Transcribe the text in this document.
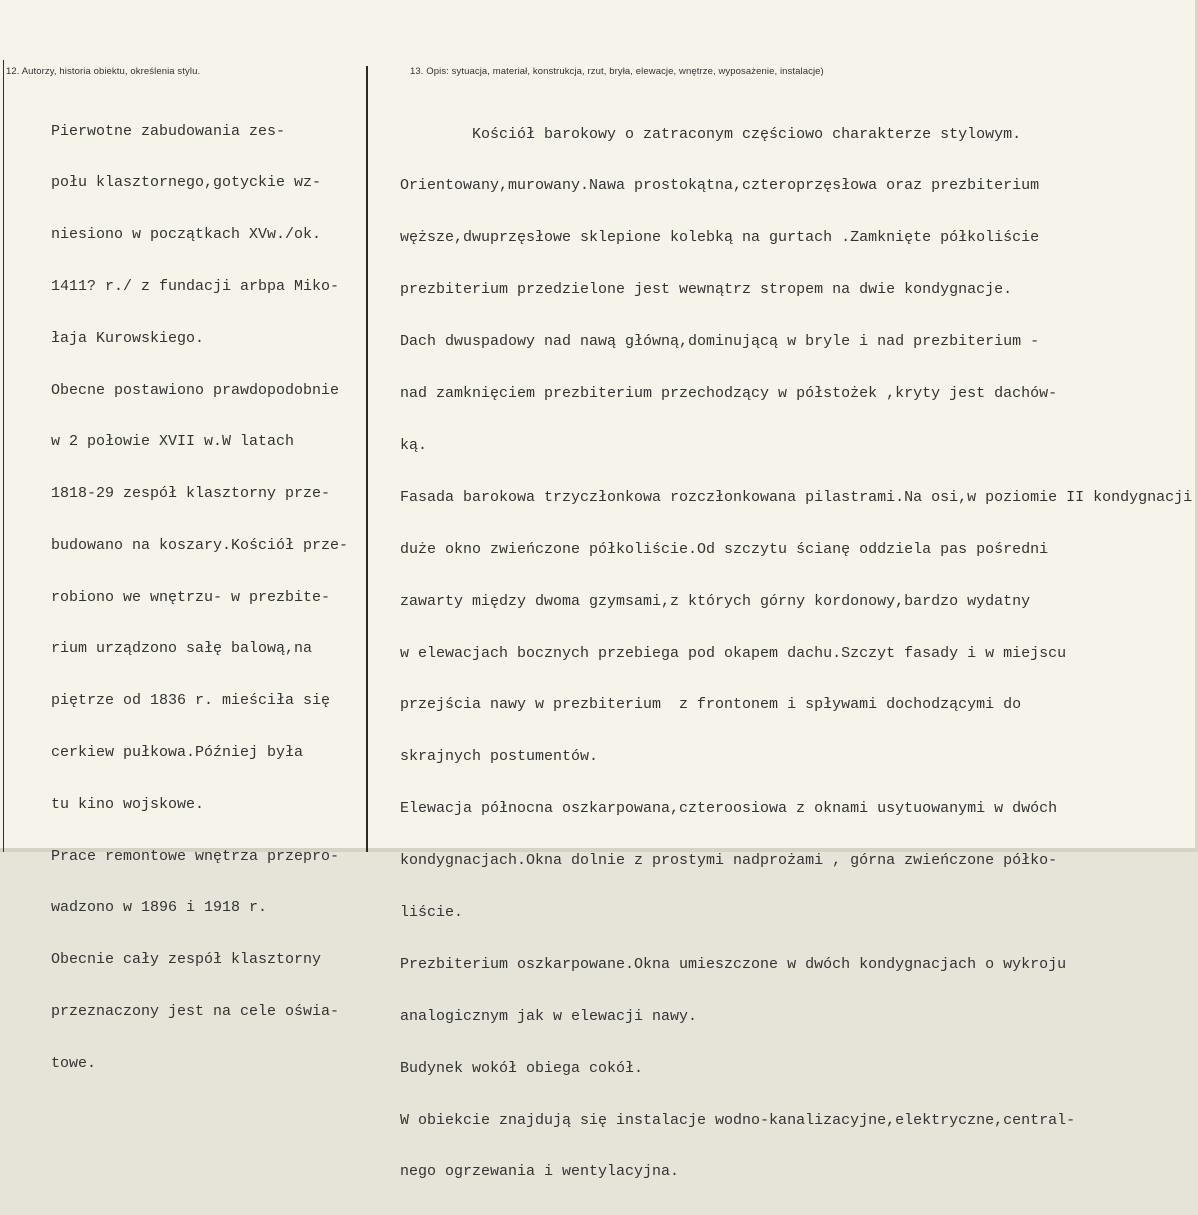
12. Autorzy, historia obiektu, określenia stylu.	13. Opis: sytuacja, materiał, konstrukcja, rzut, bryła, elewacje, wnętrze, wyposażenie, instalacje)

Pierwotne zabudowania zes-

połu klasztornego,gotyckie wz-

niesiono w początkach XVw./ok.

1411? r./ z fundacji arbpa Miko-

łaja Kurowskiego.

Obecne postawiono prawdopodobnie

w 2 połowie XVII w.W latach

1818-29 zespół klasztorny prze-

budowano na koszary.Kościół prze-

robiono we wnętrzu- w prezbite-

rium urządzono sałę balową,na

piętrze od 1836 r. mieściła się

cerkiew pułkowa.Później była

tu kino wojskowe.

Prace remontowe wnętrza przepro-

wadzono w 1896 i 1918 r.

Obecnie cały zespół klasztorny

przeznaczony jest na cele oświa-

towe.

Kościół barokowy o zatraconym częściowo charakterze stylowym.

Orientowany,murowany.Nawa prostokątna,czteroprzęsłowa oraz prezbiterium

węższe,dwuprzęsłowe sklepione kolebką na gurtach .Zamknięte półkoliście

prezbiterium przedzielone jest wewnątrz stropem na dwie kondygnacje.

Dach dwuspadowy nad nawą główną,dominującą w bryle i nad prezbiterium -

nad zamknięciem prezbiterium przechodzący w półstożek ,kryty jest dachów-

ką.

Fasada barokowa trzyczłonkowa rozczłonkowana pilastrami.Na osi,w poziomie II kondygnacji

duże okno zwieńczone półkoliście.Od szczytu ścianę oddziela pas pośredni

zawarty między dwoma gzymsami,z których górny kordonowy,bardzo wydatny

w elewacjach bocznych przebiega pod okapem dachu.Szczyt fasady i w miejscu

przejścia nawy w prezbiterium  z frontonem i spływami dochodzącymi do

skrajnych postumentów.

Elewacja północna oszkarpowana,czteroosiowa z oknami usytuowanymi w dwóch

kondygnacjach.Okna dolnie z prostymi nadprożami , górna zwieńczone półko-

liście.

Prezbiterium oszkarpowane.Okna umieszczone w dwóch kondygnacjach o wykroju

analogicznym jak w elewacji nawy.

Budynek wokół obiega cokół.

W obiekcie znajdują się instalacje wodno-kanalizacyjne,elektryczne,central-

nego ogrzewania i wentylacyjna.
